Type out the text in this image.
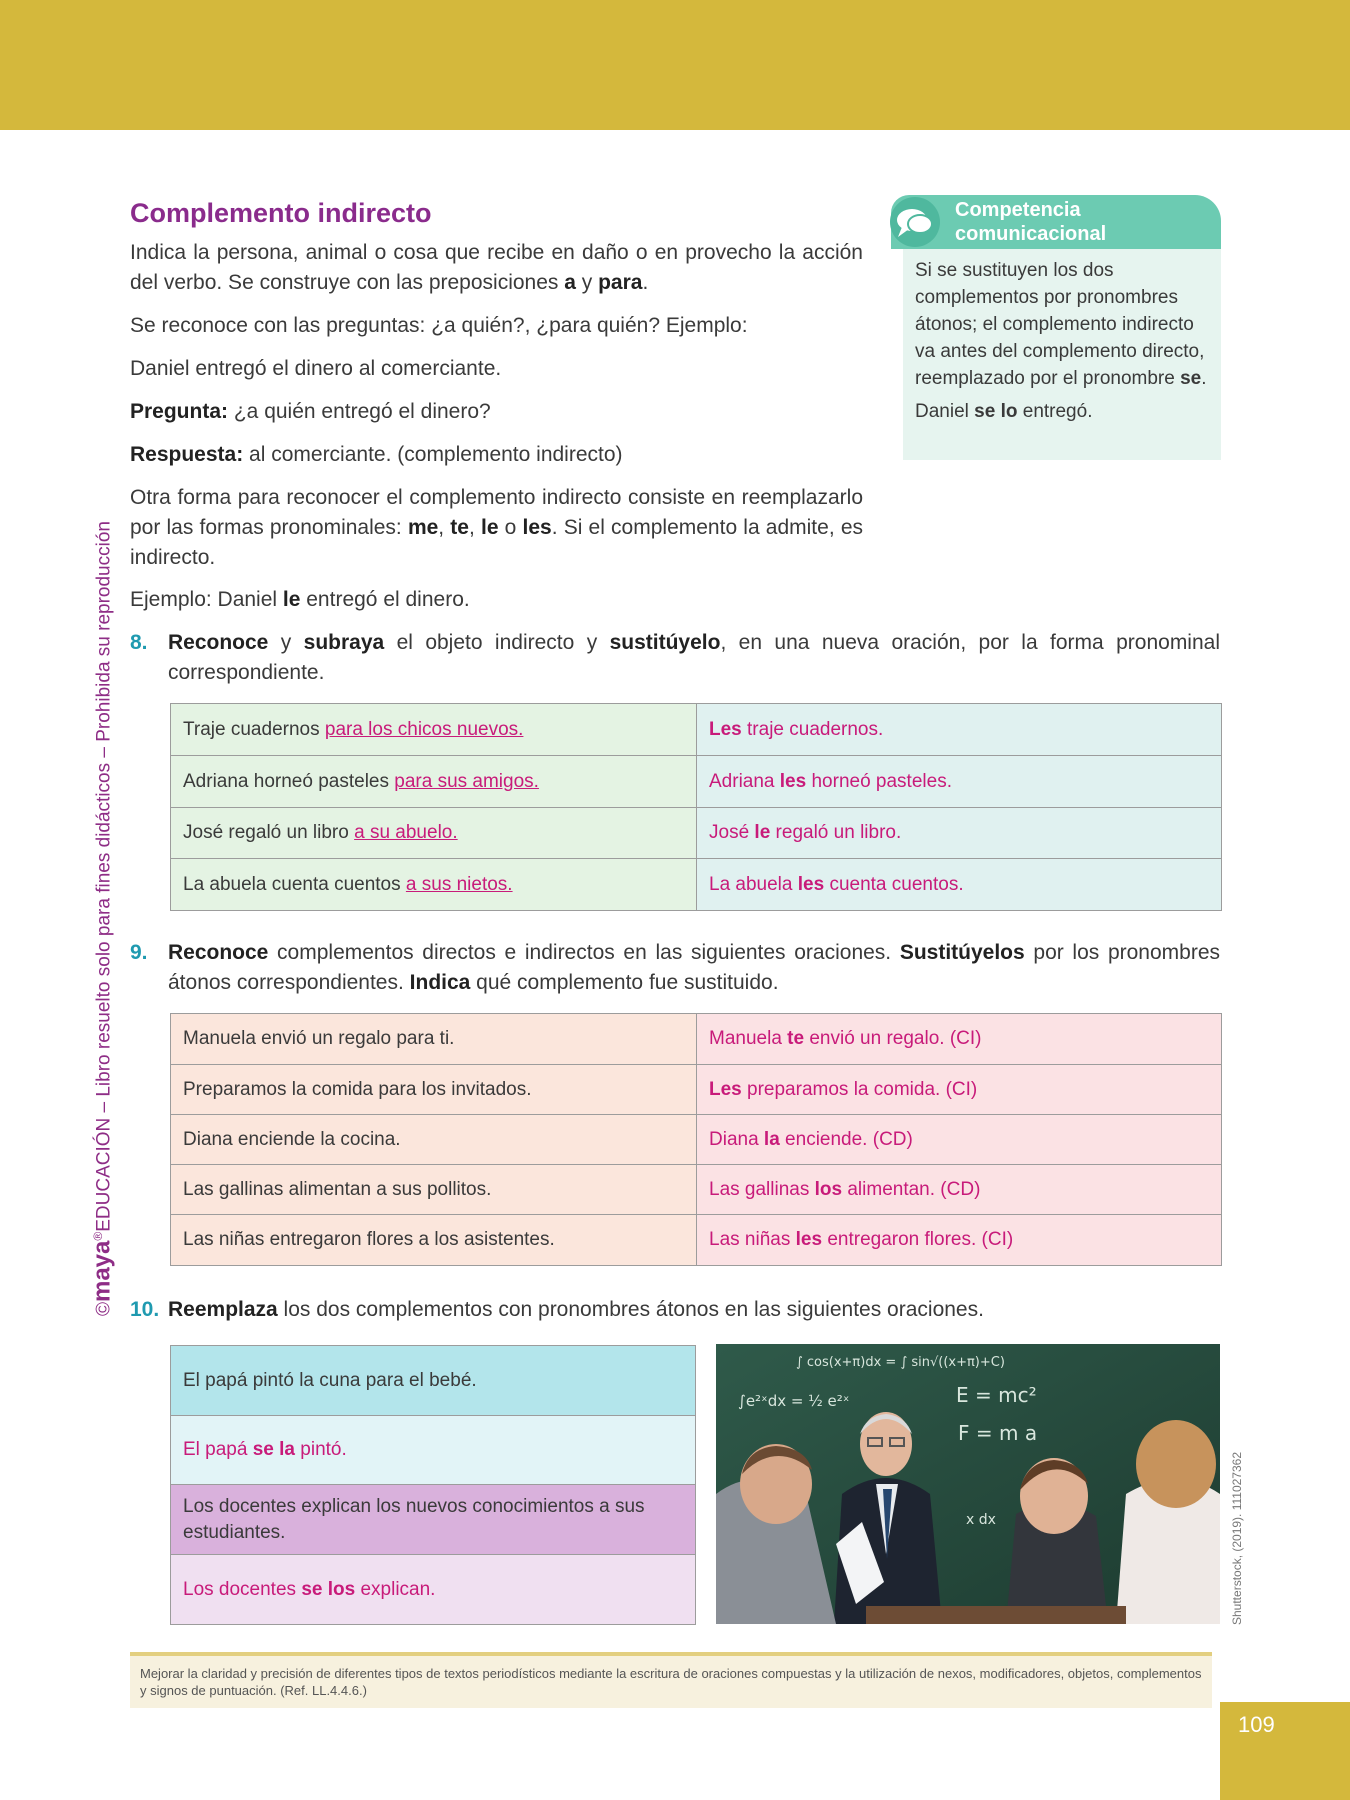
©maya®EDUCACIÓN – Libro resuelto solo para fines didácticos – Prohibida su reproducción
Complemento indirecto
Indica la persona, animal o cosa que recibe en daño o en provecho la acción del verbo. Se construye con las preposiciones a y para.
Se reconoce con las preguntas: ¿a quién?, ¿para quién? Ejemplo:
Daniel entregó el dinero al comerciante.
Pregunta: ¿a quién entregó el dinero?
Respuesta: al comerciante. (complemento indirecto)
Otra forma para reconocer el complemento indirecto consiste en reemplazarlo por las formas pronominales: me, te, le o les. Si el complemento la admite, es indirecto.
Ejemplo: Daniel le entregó el dinero.
Competencia comunicacional

Si se sustituyen los dos complementos por pronombres átonos; el complemento indirecto va antes del complemento directo, reemplazado por el pronombre se.

Daniel se lo entregó.

8. Reconoce y subraya el objeto indirecto y sustitúyelo, en una nueva oración, por la forma pronominal correspondiente.
Traje cuadernos para los chicos nuevos.	Les traje cuadernos.
Adriana horneó pasteles para sus amigos.	Adriana les horneó pasteles.
José regaló un libro a su abuelo.	José le regaló un libro.
La abuela cuenta cuentos a sus nietos.	La abuela les cuenta cuentos.
9. Reconoce complementos directos e indirectos en las siguientes oraciones. Sustitúyelos por los pronombres átonos correspondientes. Indica qué complemento fue sustituido.
Manuela envió un regalo para ti.	Manuela te envió un regalo. (CI)
Preparamos la comida para los invitados.	Les preparamos la comida. (CI)
Diana enciende la cocina.	Diana la enciende. (CD)
Las gallinas alimentan a sus pollitos.	Las gallinas los alimentan. (CD)
Las niñas entregaron flores a los asistentes.	Las niñas les entregaron flores. (CI)
10. Reemplaza los dos complementos con pronombres átonos en las siguientes oraciones.
El papá pintó la cuna para el bebé.
El papá se la pintó.
Los docentes explican los nuevos conocimientos a sus estudiantes.
Los docentes se los explican.
∫ cos(x+π)dx = ∫ sin√((x+π)+C)
∫e²ˣdx = ½ e²ˣ	E = mc²
F = m a
x dx	Shutterstock, (2019). 111027362
Mejorar la claridad y precisión de diferentes tipos de textos periodísticos mediante la escritura de oraciones compuestas y la utilización de nexos, modificadores, objetos, complementos y signos de puntuación. (Ref. LL.4.4.6.)
109
